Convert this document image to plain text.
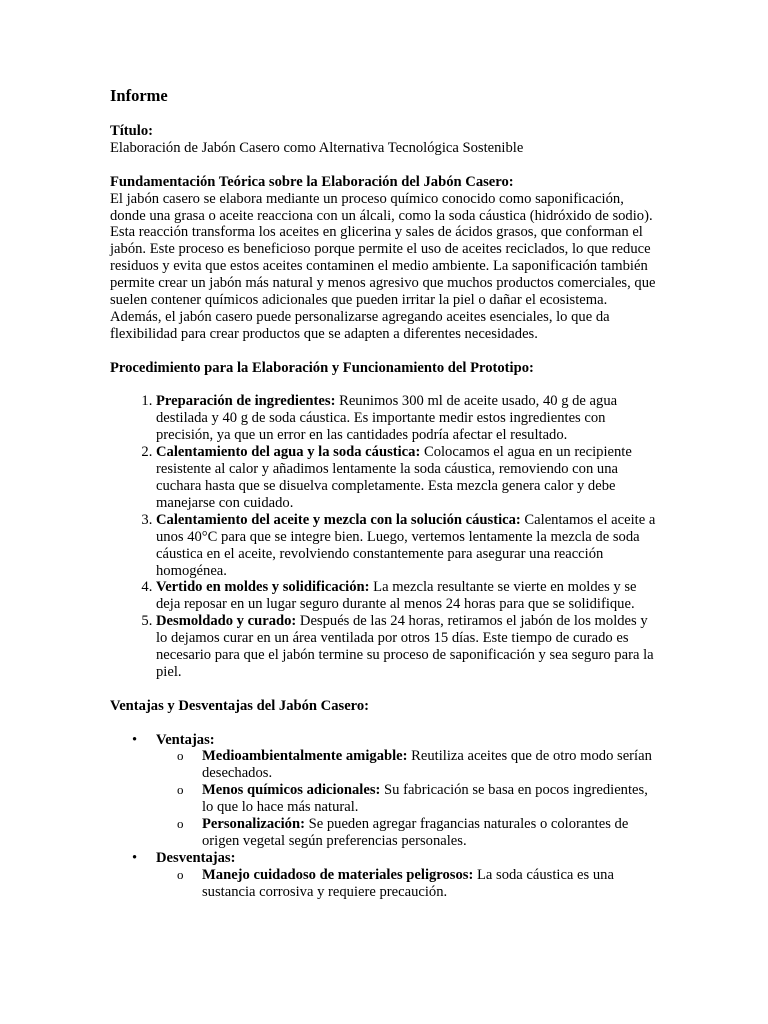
Informe
Título:

Elaboración de Jabón Casero como Alternativa Tecnológica Sostenible

Fundamentación Teórica sobre la Elaboración del Jabón Casero:

El jabón casero se elabora mediante un proceso químico conocido como saponificación, donde una grasa o aceite reacciona con un álcali, como la soda cáustica (hidróxido de sodio). Esta reacción transforma los aceites en glicerina y sales de ácidos grasos, que conforman el jabón. Este proceso es beneficioso porque permite el uso de aceites reciclados, lo que reduce residuos y evita que estos aceites contaminen el medio ambiente. La saponificación también permite crear un jabón más natural y menos agresivo que muchos productos comerciales, que suelen contener químicos adicionales que pueden irritar la piel o dañar el ecosistema. Además, el jabón casero puede personalizarse agregando aceites esenciales, lo que da flexibilidad para crear productos que se adapten a diferentes necesidades.

Procedimiento para la Elaboración y Funcionamiento del Prototipo:
1. Preparación de ingredientes: Reunimos 300 ml de aceite usado, 40 g de agua destilada y 40 g de soda cáustica. Es importante medir estos ingredientes con precisión, ya que un error en las cantidades podría afectar el resultado.
2. Calentamiento del agua y la soda cáustica: Colocamos el agua en un recipiente resistente al calor y añadimos lentamente la soda cáustica, removiendo con una cuchara hasta que se disuelva completamente. Esta mezcla genera calor y debe manejarse con cuidado.
3. Calentamiento del aceite y mezcla con la solución cáustica: Calentamos el aceite a unos 40°C para que se integre bien. Luego, vertemos lentamente la mezcla de soda cáustica en el aceite, revolviendo constantemente para asegurar una reacción homogénea.
4. Vertido en moldes y solidificación: La mezcla resultante se vierte en moldes y se deja reposar en un lugar seguro durante al menos 24 horas para que se solidifique.
5. Desmoldado y curado: Después de las 24 horas, retiramos el jabón de los moldes y lo dejamos curar en un área ventilada por otros 15 días. Este tiempo de curado es necesario para que el jabón termine su proceso de saponificación y sea seguro para la piel.
Ventajas y Desventajas del Jabón Casero:
• Ventajas:
o Medioambientalmente amigable: Reutiliza aceites que de otro modo serían desechados.
o Menos químicos adicionales: Su fabricación se basa en pocos ingredientes, lo que lo hace más natural.
o Personalización: Se pueden agregar fragancias naturales o colorantes de origen vegetal según preferencias personales.
• Desventajas:
o Manejo cuidadoso de materiales peligrosos: La soda cáustica es una sustancia corrosiva y requiere precaución.
